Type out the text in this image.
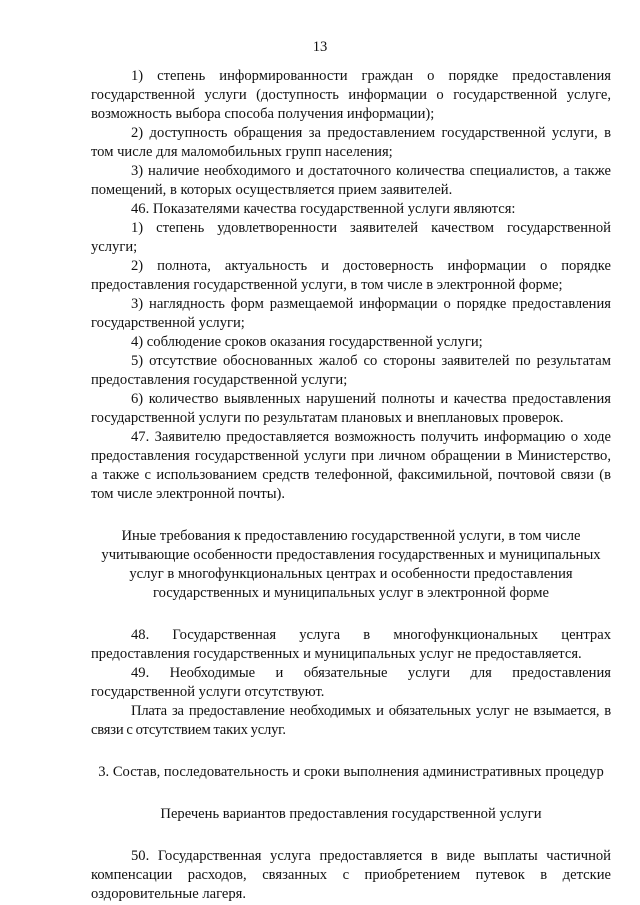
13

1) степень информированности граждан о порядке предоставления государственной услуги (доступность информации о государственной услуге, возможность выбора способа получения информации);

2) доступность обращения за предоставлением государственной услуги, в том числе для маломобильных групп населения;

3) наличие необходимого и достаточного количества специалистов, а также помещений, в которых осуществляется прием заявителей.

46. Показателями качества государственной услуги являются:

1) степень удовлетворенности заявителей качеством государственной услуги;

2) полнота, актуальность и достоверность информации о порядке предоставления государственной услуги, в том числе в электронной форме;

3) наглядность форм размещаемой информации о порядке предоставления государственной услуги;

4) соблюдение сроков оказания государственной услуги;

5) отсутствие обоснованных жалоб со стороны заявителей по результатам предоставления государственной услуги;

6) количество выявленных нарушений полноты и качества предоставления государственной услуги по результатам плановых и внеплановых проверок.

47. Заявителю предоставляется возможность получить информацию о ходе предоставления государственной услуги при личном обращении в Министерство, а также с использованием средств телефонной, факсимильной, почтовой связи (в том числе электронной почты).

Иные требования к предоставлению государственной услуги, в том числе учитывающие особенности предоставления государственных и муниципальных услуг в многофункциональных центрах и особенности предоставления государственных и муниципальных услуг в электронной форме

48. Государственная услуга в многофункциональных центрах предоставления государственных и муниципальных услуг не предоставляется.

49. Необходимые и обязательные услуги для предоставления государственной услуги отсутствуют.

Плата за предоставление необходимых и обязательных услуг не взымается, в связи с отсутствием таких услуг.

3. Состав, последовательность и сроки выполнения административных процедур

Перечень вариантов предоставления государственной услуги

50. Государственная услуга предоставляется в виде выплаты частичной компенсации расходов, связанных с приобретением путевок в детские оздоровительные лагеря.
